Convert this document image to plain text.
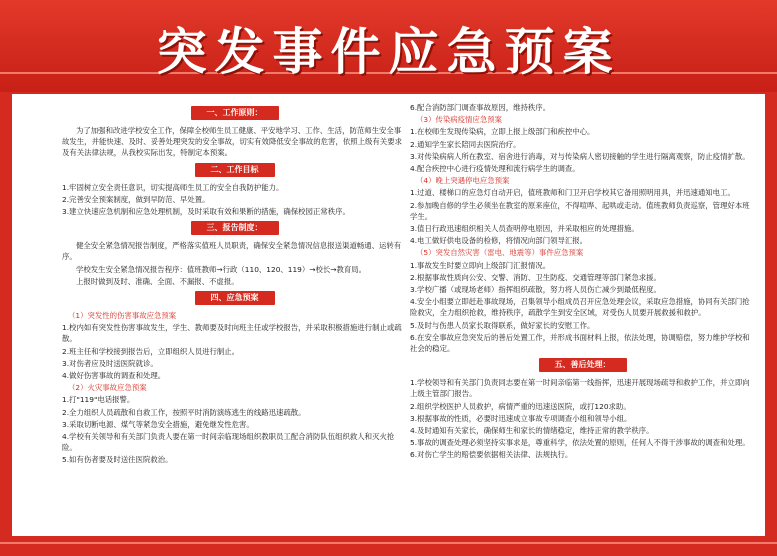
突发事件应急预案
一、工作原则：

为了加强和改进学校安全工作，保障全校师生员工健康、平安地学习、工作、生活，防范师生安全事故发生，并能快速、及时、妥善处理突发的安全事故，切实有效降低安全事故的危害，依照上级有关要求及有关法律法规，从我校实际出发，特制定本预案。

二、工作目标

1.牢固树立安全责任意识，切实提高师生员工的安全自我防护能力。

2.完善安全预案制度，做到早防范、早处置。

3.建立快速应急机制和应急处理机制，及时采取有效和果断的措施，确保校园正常秩序。

三、报告制度：

健全安全紧急情况报告制度，严格落实值班人员职责，确保安全紧急情况信息报送渠道畅通、运转有序。

学校发生安全紧急情况报告程序：值班教师→行政（110、120、119）→校长→教育局。

上报时做到及时、准确、全面、不漏报、不虚报。

四、应急预案

（1）突发性的伤害事故应急预案

1.校内如有突发性伤害事故发生，学生、教师要及时向班主任或学校报告，并采取积极措施进行制止或疏散。

2.班主任和学校接到报告后，立即组织人员进行制止。

3.对伤者应及时送医院就诊。

4.做好伤害事故的调查和处理。

（2）火灾事故应急预案

1.打"119"电话报警。

2.全力组织人员疏散和自救工作，按照平时消防演练逃生的线路迅速疏散。

3.采取切断电源、煤气等紧急安全措施，避免继发性危害。

4.学校有关领导和有关部门负责人要在第一时间亲临现场组织教职员工配合消防队伍组织救人和灭火抢险。

5.如有伤者要及时送往医院救治。

6.配合消防部门调查事故原因，维持秩序。

（3）传染病疫情应急预案

1.在校师生发现传染病，立即上报上级部门和疾控中心。

2.通知学生家长陪同去医院治疗。

3.对传染病病人所在教室、宿舍进行消毒，对与传染病人密切接触的学生进行隔离观察，防止疫情扩散。

4.配合疾控中心进行疫情处理和流行病学生的调查。

（4）晚上突遇停电应急预案

1.过道、楼梯口的应急灯自动开启，值班教师和门卫开启学校其它备用照明用具，并迅速通知电工。

2.参加晚自修的学生必须坐在教室的原来座位，不得喧哗、起哄或走动。值班教师负责巡察，管理好本班学生。

3.值日行政迅速组织相关人员查明停电原因，并采取相应的处理措施。

4.电工做好供电设备的检修，将情况向部门领导汇报。

（5）突发自然灾害（雷电、地震等）事件应急预案

1.事故发生时要立即向上级部门汇报情况。

2.根据事故性质向公安、交警、消防、卫生防疫、交通管理等部门紧急求援。

3.学校广播（或现场老师）指挥组织疏散，努力将人员伤亡减少到最低程度。

4.安全小组要立即赶赴事故现场，召集领导小组成员召开应急处理会议，采取应急措施，协同有关部门抢险救灾，全力组织抢救，维持秩序，疏散学生到安全区域，对受伤人员要开展救援和救护。

5.及时与伤患人员家长取得联系，做好家长的安慰工作。

6.在安全事故应急突发后的善后处置工作，并形成书面材料上报，依法处理，协调赔偿，努力维护学校和社会的稳定。

五、善后处理：

1.学校领导和有关部门负责同志要在第一时间亲临第一线指挥，迅速开展现场疏导和救护工作，并立即向上级主管部门报告。

2.组织学校医护人员救护，病情严重的迅速送医院，或打120求助。

3.根据事故的性质，必要时迅速成立事故专项调查小组和领导小组。

4.及时通知有关家长，确保师生和家长的情绪稳定，维持正常的教学秩序。

5.事故的调查处理必须坚持实事求是，尊重科学，依法处置的原则，任何人不得干涉事故的调查和处理。

6.对伤亡学生的赔偿要依据相关法律、法规执行。
